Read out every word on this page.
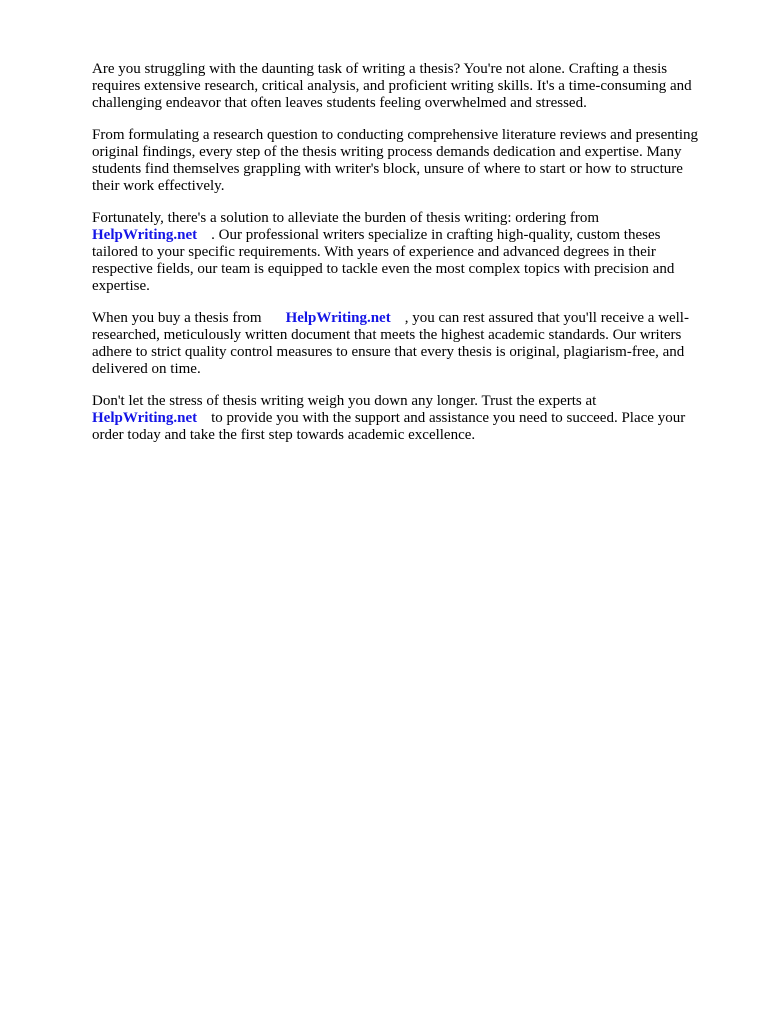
Are you struggling with the daunting task of writing a thesis? You're not alone. Crafting a thesis
requires extensive research, critical analysis, and proficient writing skills. It's a time-consuming and
challenging endeavor that often leaves students feeling overwhelmed and stressed.

From formulating a research question to conducting comprehensive literature reviews and presenting
original findings, every step of the thesis writing process demands dedication and expertise. Many
students find themselves grappling with writer's block, unsure of where to start or how to structure
their work effectively.

Fortunately, there's a solution to alleviate the burden of thesis writing: ordering from
HelpWriting.net . Our professional writers specialize in crafting high-quality, custom theses
tailored to your specific requirements. With years of experience and advanced degrees in their
respective fields, our team is equipped to tackle even the most complex topics with precision and
expertise.

When you buy a thesis from HelpWriting.net , you can rest assured that you'll receive a well-
researched, meticulously written document that meets the highest academic standards. Our writers
adhere to strict quality control measures to ensure that every thesis is original, plagiarism-free, and
delivered on time.

Don't let the stress of thesis writing weigh you down any longer. Trust the experts at
HelpWriting.net to provide you with the support and assistance you need to succeed. Place your
order today and take the first step towards academic excellence.
